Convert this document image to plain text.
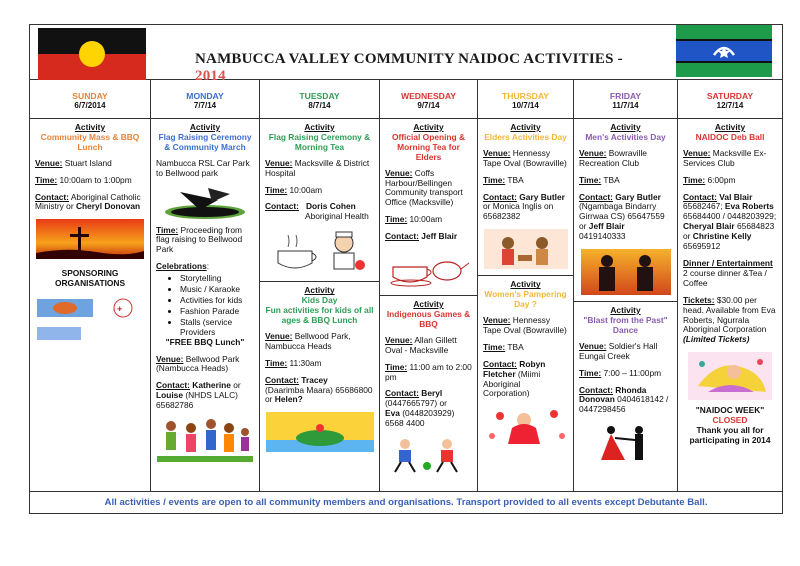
NAMBUCCA VALLEY COMMUNITY NAIDOC ACTIVITIES - 2014
SUNDAY
6/7/2014
Activity
Community Mass & BBQ Lunch

Venue: Stuart Island

Time: 10:00am to 1:00pm

Contact: Aboriginal Catholic Ministry or Cheryl Donovan

SPONSORING ORGANISATIONS
✚
MONDAY
7/7/14
Activity
Flag Raising Ceremony & Community March

Nambucca RSL Car Park to Bellwood park

Time: Proceeding from flag raising to Bellwood Park

Celebrations:
• Storytelling
• Music / Karaoke
• Activities for kids
• Fashion Parade
• Stalls (service Providers

"FREE BBQ Lunch"

Venue: Bellwood Park (Nambucca Heads)

Contact: Katherine or Louise (NHDS LALC) 65682786

TUESDAY
8/7/14
Activity
Flag Raising Ceremony & Morning Tea

Venue: Macksville & District Hospital

Time: 10:00am

Contact: Doris Cohen
Aboriginal Health

Activity
Kids Day
Fun activities for kids of all ages & BBQ Lunch

Venue: Bellwood Park, Nambucca Heads

Time: 11:30am

Contact: Tracey
(Daarimba Maara) 65686800 or Helen?

WEDNESDAY
9/7/14
Activity
Official Opening & Morning Tea for Elders

Venue: Coffs Harbour/Bellingen Community transport Office (Macksville)

Time: 10:00am

Contact: Jeff Blair

Activity
Indigenous Games & BBQ

Venue: Allan Gillett Oval - Macksville

Time: 11:00 am to 2:00 pm

Contact: Beryl
(0447665797) or
Eva (0448203929) 6568 4400

THURSDAY
10/7/14
Activity
Elders Activities Day

Venue: Hennessy Tape Oval (Bowraville)

Time: TBA

Contact: Gary Butler or Monica Inglis on 65682382

Activity
Women's Pampering Day ?

Venue: Hennessy Tape Oval (Bowraville)

Time: TBA

Contact: Robyn Fletcher (Miimi Aboriginal Corporation)

FRIDAY
11/7/14
Activity
Men's Activities Day

Venue: Bowraville Recreation Club

Time: TBA

Contact: Gary Butler
(Ngambaga Bindarry Girrwaa CS) 65647559 or Jeff Blair 0419140333

Activity
"Blast from the Past" Dance

Venue: Soldier's Hall Eungai Creek

Time: 7:00 – 11:00pm

Contact: Rhonda Donovan 0404618142 / 0447298456

SATURDAY
12/7/14
Activity
NAIDOC Deb Ball

Venue: Macksville Ex-Services Club

Time: 6:00pm

Contact: Val Blair 65682467; Eva Roberts 65684400 / 0448203929; Cheryal Blair 65684823 or Christine Kelly 65695912

Dinner / Entertainment

2 course dinner &Tea / Coffee

Tickets: $30.00 per head. Available from Eva Roberts, Ngurrala Aboriginal Corporation (Limited Tickets)

"NAIDOC WEEK"
CLOSED
Thank you all for participating in 2014
All activities / events are open to all community members and organisations. Transport provided to all events except Debutante Ball.
